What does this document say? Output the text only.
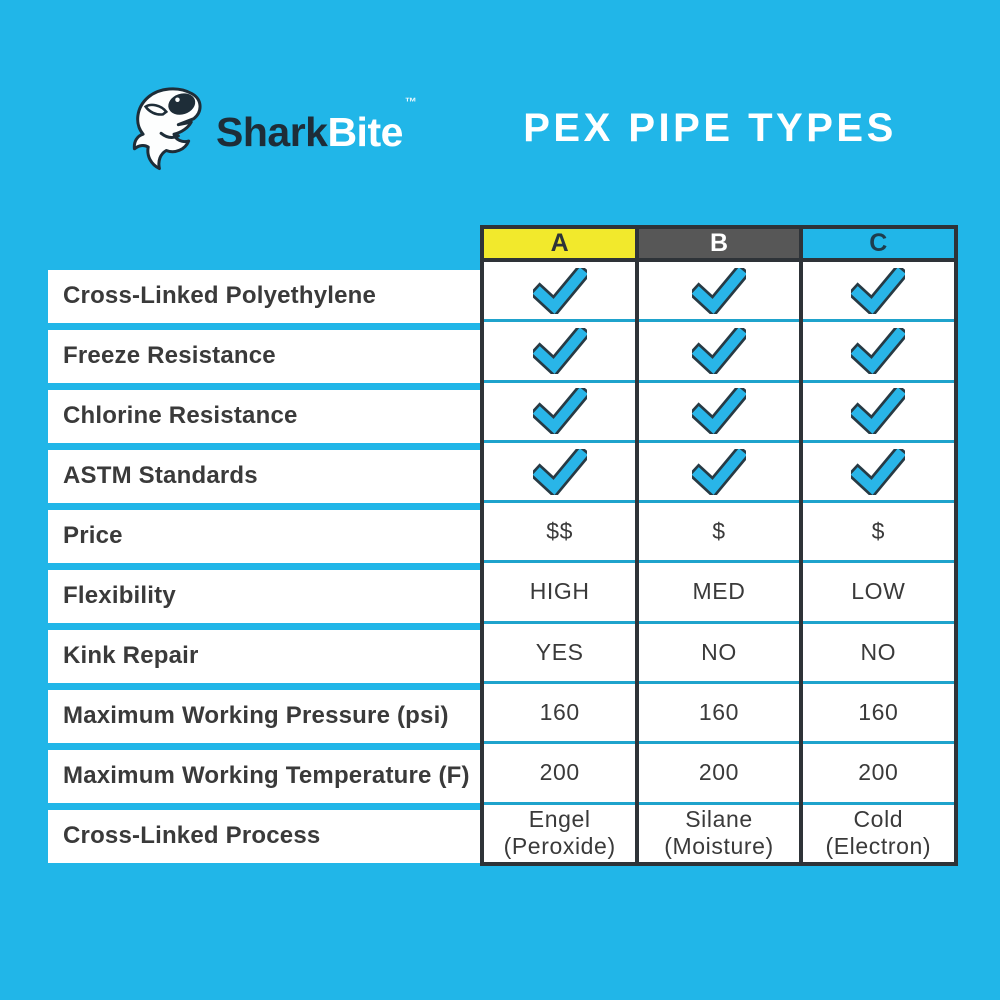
SharkBite™
PEX PIPE TYPES
Cross-Linked Polyethylene
Freeze Resistance
Chlorine Resistance
ASTM Standards
Price
Flexibility
Kink Repair
Maximum Working Pressure (psi)
Maximum Working Temperature (F)
Cross-Linked Process
A
$$
HIGH
YES
160
200
Engel (Peroxide)
B
$
MED
NO
160
200
Silane (Moisture)
C
$
LOW
NO
160
200
Cold (Electron)
